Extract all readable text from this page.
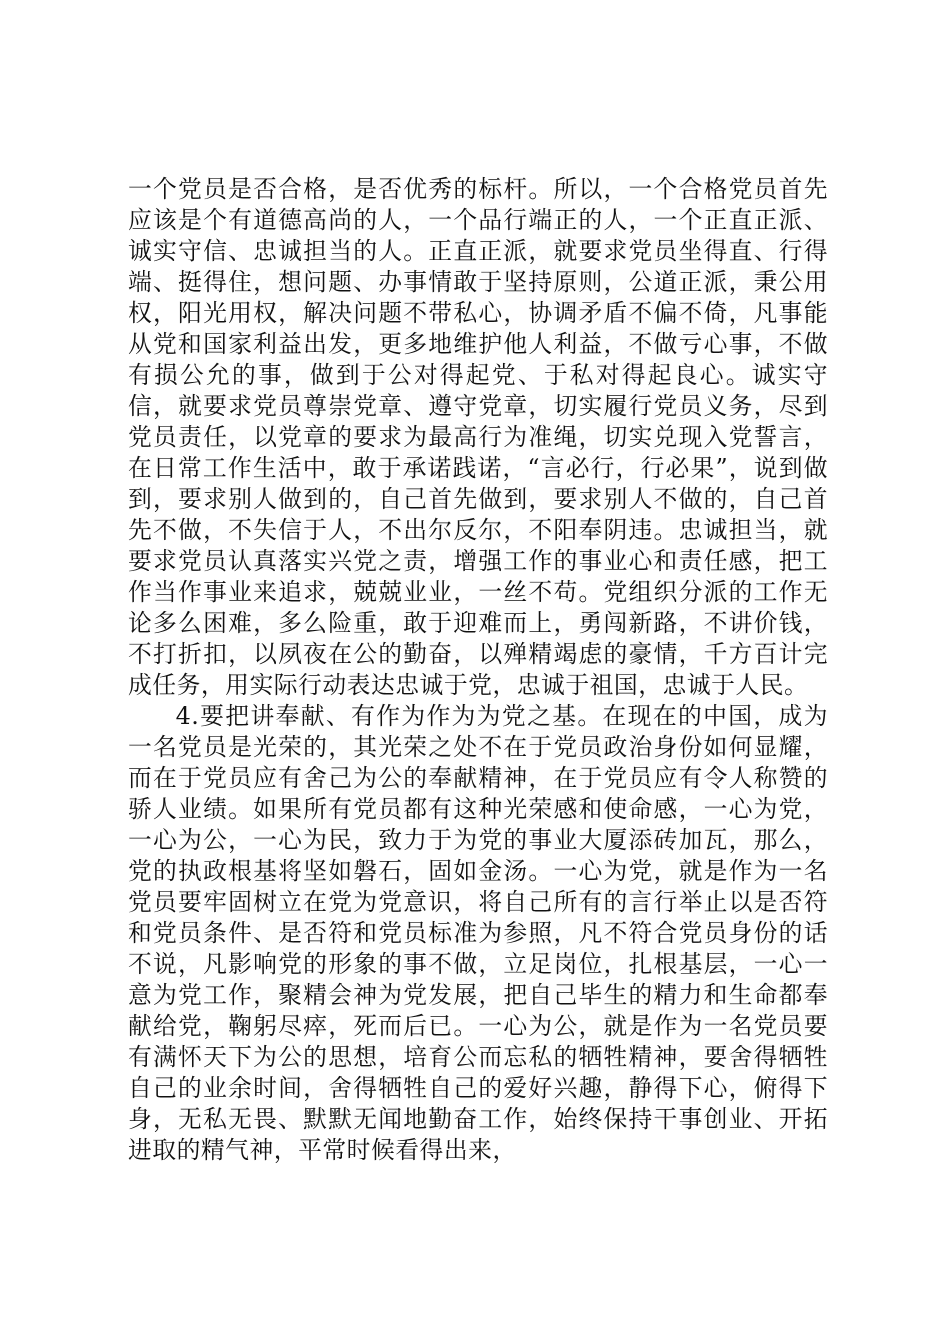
一个党员是否合格，是否优秀的标杆。所以，一个合格党员首先应该是个有道德高尚的人，一个品行端正的人，一个正直正派、诚实守信、忠诚担当的人。正直正派，就要求党员坐得直、行得端、挺得住，想问题、办事情敢于坚持原则，公道正派，秉公用权，阳光用权，解决问题不带私心，协调矛盾不偏不倚，凡事能从党和国家利益出发，更多地维护他人利益，不做亏心事，不做有损公允的事，做到于公对得起党、于私对得起良心。诚实守信，就要求党员尊崇党章、遵守党章，切实履行党员义务，尽到党员责任，以党章的要求为最高行为准绳，切实兑现入党誓言，在日常工作生活中，敢于承诺践诺，“言必行，行必果”，说到做到，要求别人做到的，自己首先做到，要求别人不做的，自己首先不做，不失信于人，不出尔反尔，不阳奉阴违。忠诚担当，就要求党员认真落实兴党之责，增强工作的事业心和责任感，把工作当作事业来追求，兢兢业业，一丝不苟。党组织分派的工作无论多么困难，多么险重，敢于迎难而上，勇闯新路，不讲价钱，不打折扣，以夙夜在公的勤奋，以殚精竭虑的豪情，千方百计完成任务，用实际行动表达忠诚于党，忠诚于祖国，忠诚于人民。

4.要把讲奉献、有作为作为为党之基。在现在的中国，成为一名党员是光荣的，其光荣之处不在于党员政治身份如何显耀，而在于党员应有舍己为公的奉献精神，在于党员应有令人称赞的骄人业绩。如果所有党员都有这种光荣感和使命感，一心为党，一心为公，一心为民，致力于为党的事业大厦添砖加瓦，那么，党的执政根基将坚如磐石，固如金汤。一心为党，就是作为一名党员要牢固树立在党为党意识，将自己所有的言行举止以是否符和党员条件、是否符和党员标准为参照，凡不符合党员身份的话不说，凡影响党的形象的事不做，立足岗位，扎根基层，一心一意为党工作，聚精会神为党发展，把自己毕生的精力和生命都奉献给党，鞠躬尽瘁，死而后已。一心为公，就是作为一名党员要有满怀天下为公的思想，培育公而忘私的牺牲精神，要舍得牺牲自己的业余时间，舍得牺牲自己的爱好兴趣，静得下心，俯得下身，无私无畏、默默无闻地勤奋工作，始终保持干事创业、开拓进取的精气神，平常时候看得出来，
